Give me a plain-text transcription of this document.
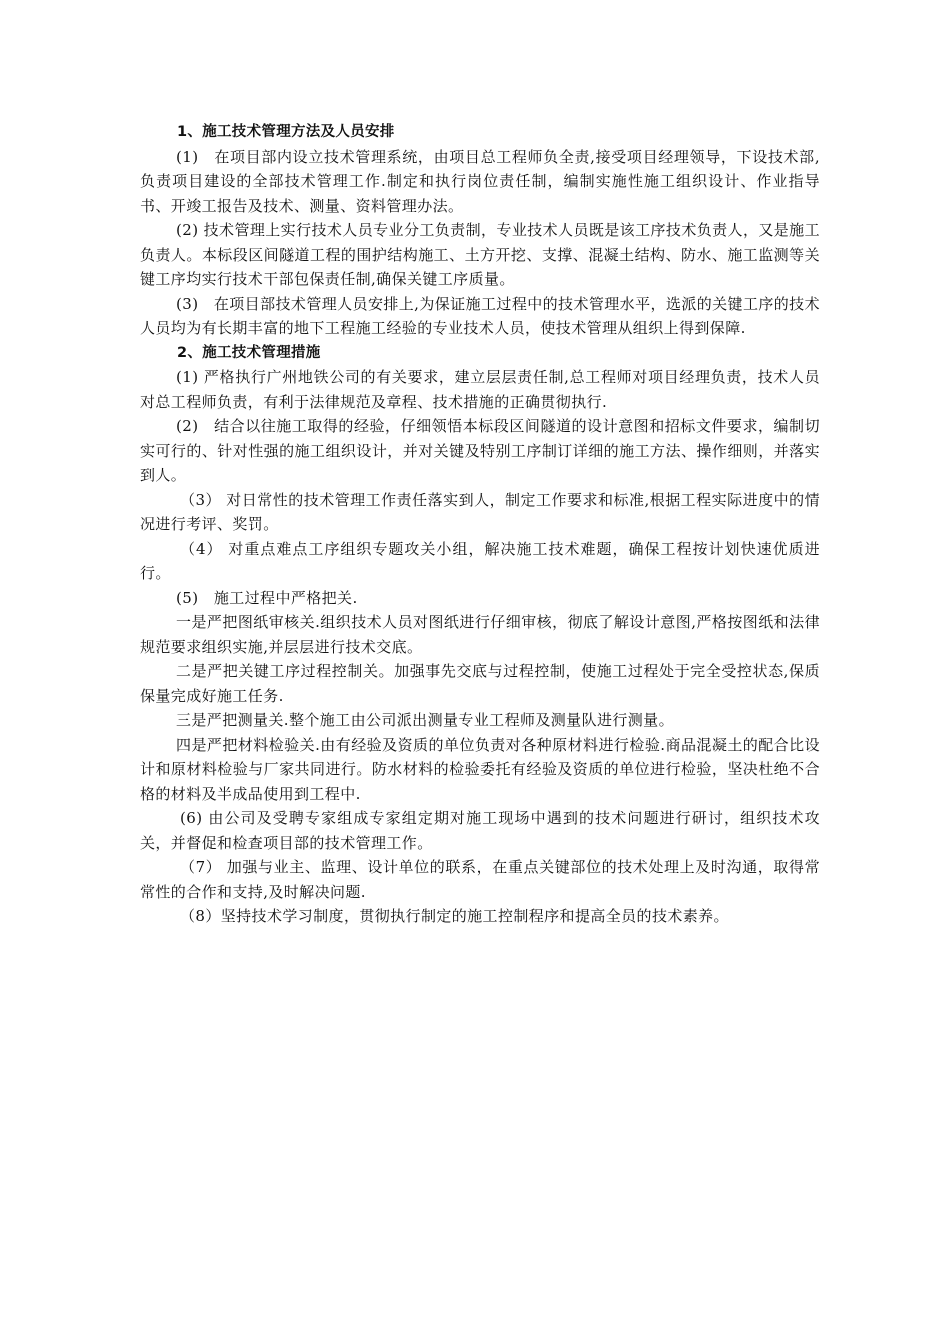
1、施工技术管理方法及人员安排

(1)　在项目部内设立技术管理系统，由项目总工程师负全责,接受项目经理领导，下设技术部,负责项目建设的全部技术管理工作.制定和执行岗位责任制，编制实施性施工组织设计、作业指导书、开竣工报告及技术、测量、资料管理办法。

(2) 技术管理上实行技术人员专业分工负责制，专业技术人员既是该工序技术负责人，又是施工负责人。本标段区间隧道工程的围护结构施工、土方开挖、支撑、混凝土结构、防水、施工监测等关键工序均实行技术干部包保责任制,确保关键工序质量。

(3)　在项目部技术管理人员安排上,为保证施工过程中的技术管理水平，选派的关键工序的技术人员均为有长期丰富的地下工程施工经验的专业技术人员，使技术管理从组织上得到保障.

2、施工技术管理措施

(1) 严格执行广州地铁公司的有关要求，建立层层责任制,总工程师对项目经理负责，技术人员对总工程师负责，有利于法律规范及章程、技术措施的正确贯彻执行.

(2)　结合以往施工取得的经验，仔细领悟本标段区间隧道的设计意图和招标文件要求，编制切实可行的、针对性强的施工组织设计，并对关键及特别工序制订详细的施工方法、操作细则，并落实到人。

（3） 对日常性的技术管理工作责任落实到人，制定工作要求和标准,根据工程实际进度中的情况进行考评、奖罚。

（4） 对重点难点工序组织专题攻关小组，解决施工技术难题，确保工程按计划快速优质进行。

(5)　施工过程中严格把关.

一是严把图纸审核关.组织技术人员对图纸进行仔细审核，彻底了解设计意图,严格按图纸和法律规范要求组织实施,并层层进行技术交底。

二是严把关键工序过程控制关。加强事先交底与过程控制，使施工过程处于完全受控状态,保质保量完成好施工任务.

三是严把测量关.整个施工由公司派出测量专业工程师及测量队进行测量。

四是严把材料检验关.由有经验及资质的单位负责对各种原材料进行检验.商品混凝土的配合比设计和原材料检验与厂家共同进行。防水材料的检验委托有经验及资质的单位进行检验，坚决杜绝不合格的材料及半成品使用到工程中.

(6) 由公司及受聘专家组成专家组定期对施工现场中遇到的技术问题进行研讨，组织技术攻关，并督促和检查项目部的技术管理工作。

（7） 加强与业主、监理、设计单位的联系，在重点关键部位的技术处理上及时沟通，取得常常性的合作和支持,及时解决问题.

（8）坚持技术学习制度，贯彻执行制定的施工控制程序和提高全员的技术素养。
